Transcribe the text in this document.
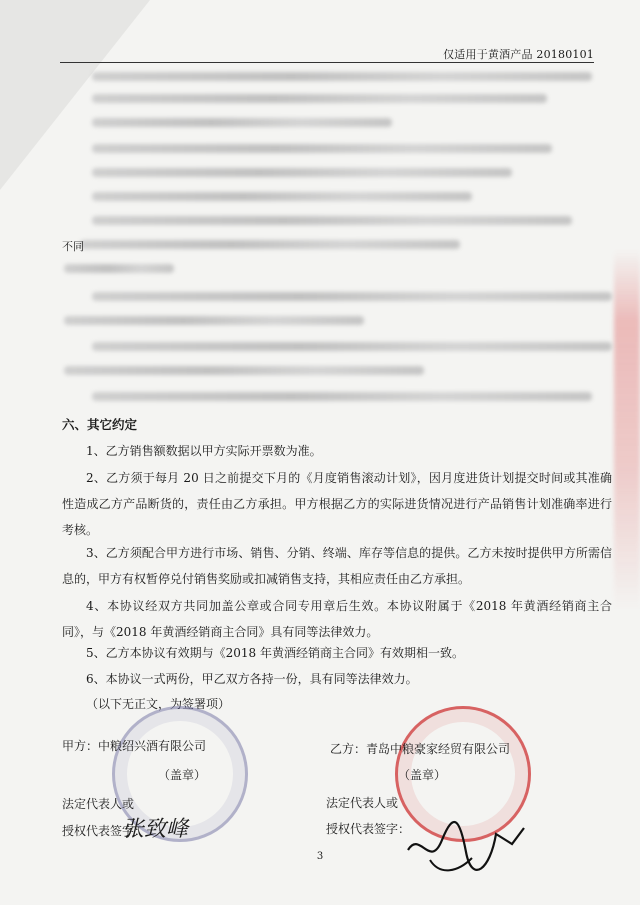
仅适用于黄酒产品 20180101
不同
六、其它约定
1、乙方销售额数据以甲方实际开票数为准。
2、乙方须于每月 20 日之前提交下月的《月度销售滚动计划》，因月度进货计划提交时间或其准确性造成乙方产品断货的，责任由乙方承担。甲方根据乙方的实际进货情况进行产品销售计划准确率进行考核。
3、乙方须配合甲方进行市场、销售、分销、终端、库存等信息的提供。乙方未按时提供甲方所需信息的，甲方有权暂停兑付销售奖励或扣减销售支持，其相应责任由乙方承担。
4、本协议经双方共同加盖公章或合同专用章后生效。本协议附属于《2018 年黄酒经销商主合同》，与《2018 年黄酒经销商主合同》具有同等法律效力。
5、乙方本协议有效期与《2018 年黄酒经销商主合同》有效期相一致。
6、本协议一式两份，甲乙双方各持一份，具有同等法律效力。
（以下无正文，为签署项）
甲方：中粮绍兴酒有限公司
（盖章）
法定代表人或
授权代表签字：
张致峰
乙方：青岛中粮豪家经贸有限公司
（盖章）
法定代表人或
授权代表签字：
3
